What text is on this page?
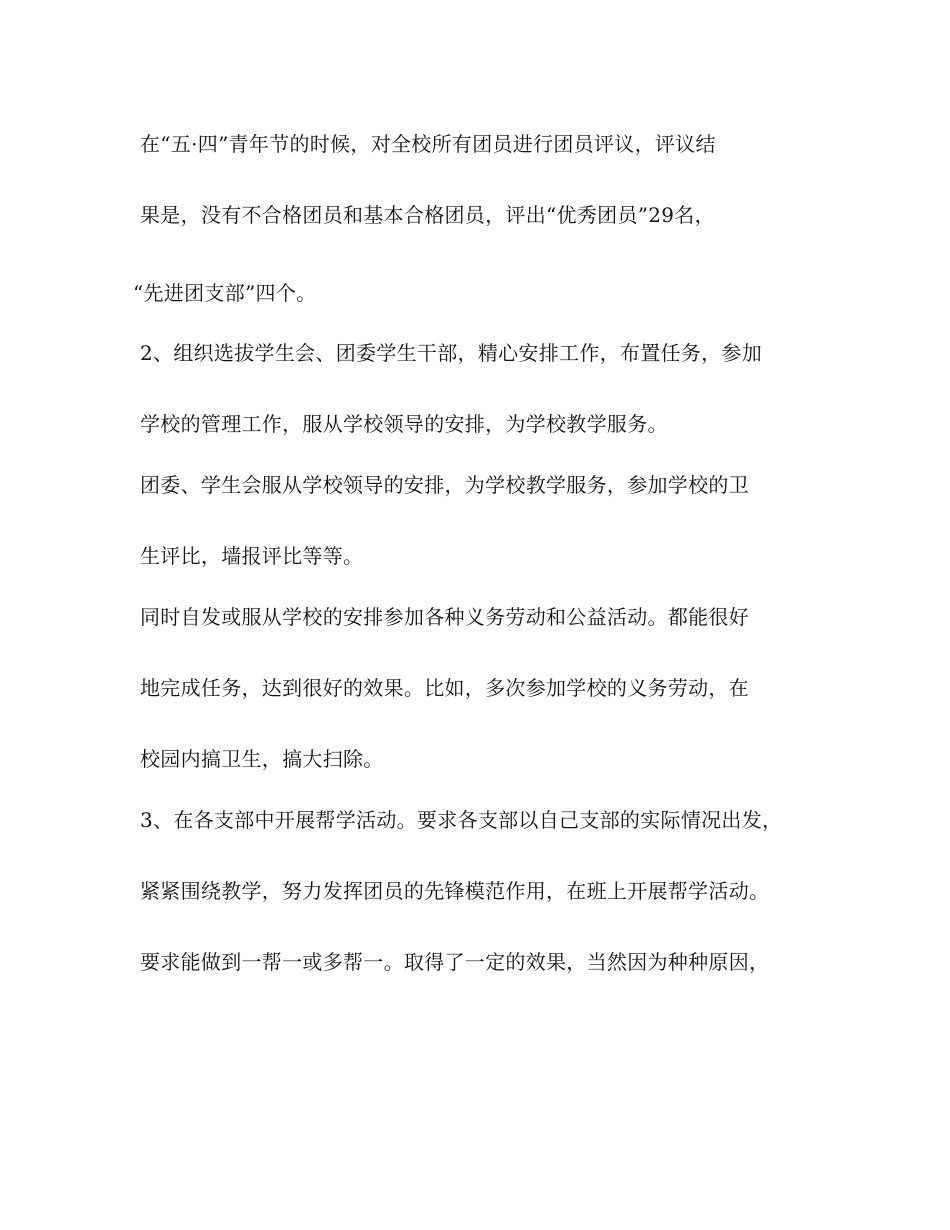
在“五·四”青年节的时候，对全校所有团员进行团员评议，评议结
果是，没有不合格团员和基本合格团员，评出“优秀团员”29名，
“先进团支部”四个。
2、组织选拔学生会、团委学生干部，精心安排工作，布置任务，参加
学校的管理工作，服从学校领导的安排，为学校教学服务。
团委、学生会服从学校领导的安排，为学校教学服务，参加学校的卫
生评比，墙报评比等等。
同时自发或服从学校的安排参加各种义务劳动和公益活动。都能很好
地完成任务，达到很好的效果。比如，多次参加学校的义务劳动，在
校园内搞卫生，搞大扫除。
3、在各支部中开展帮学活动。要求各支部以自己支部的实际情况出发，
紧紧围绕教学，努力发挥团员的先锋模范作用，在班上开展帮学活动。
要求能做到一帮一或多帮一。取得了一定的效果，当然因为种种原因，
